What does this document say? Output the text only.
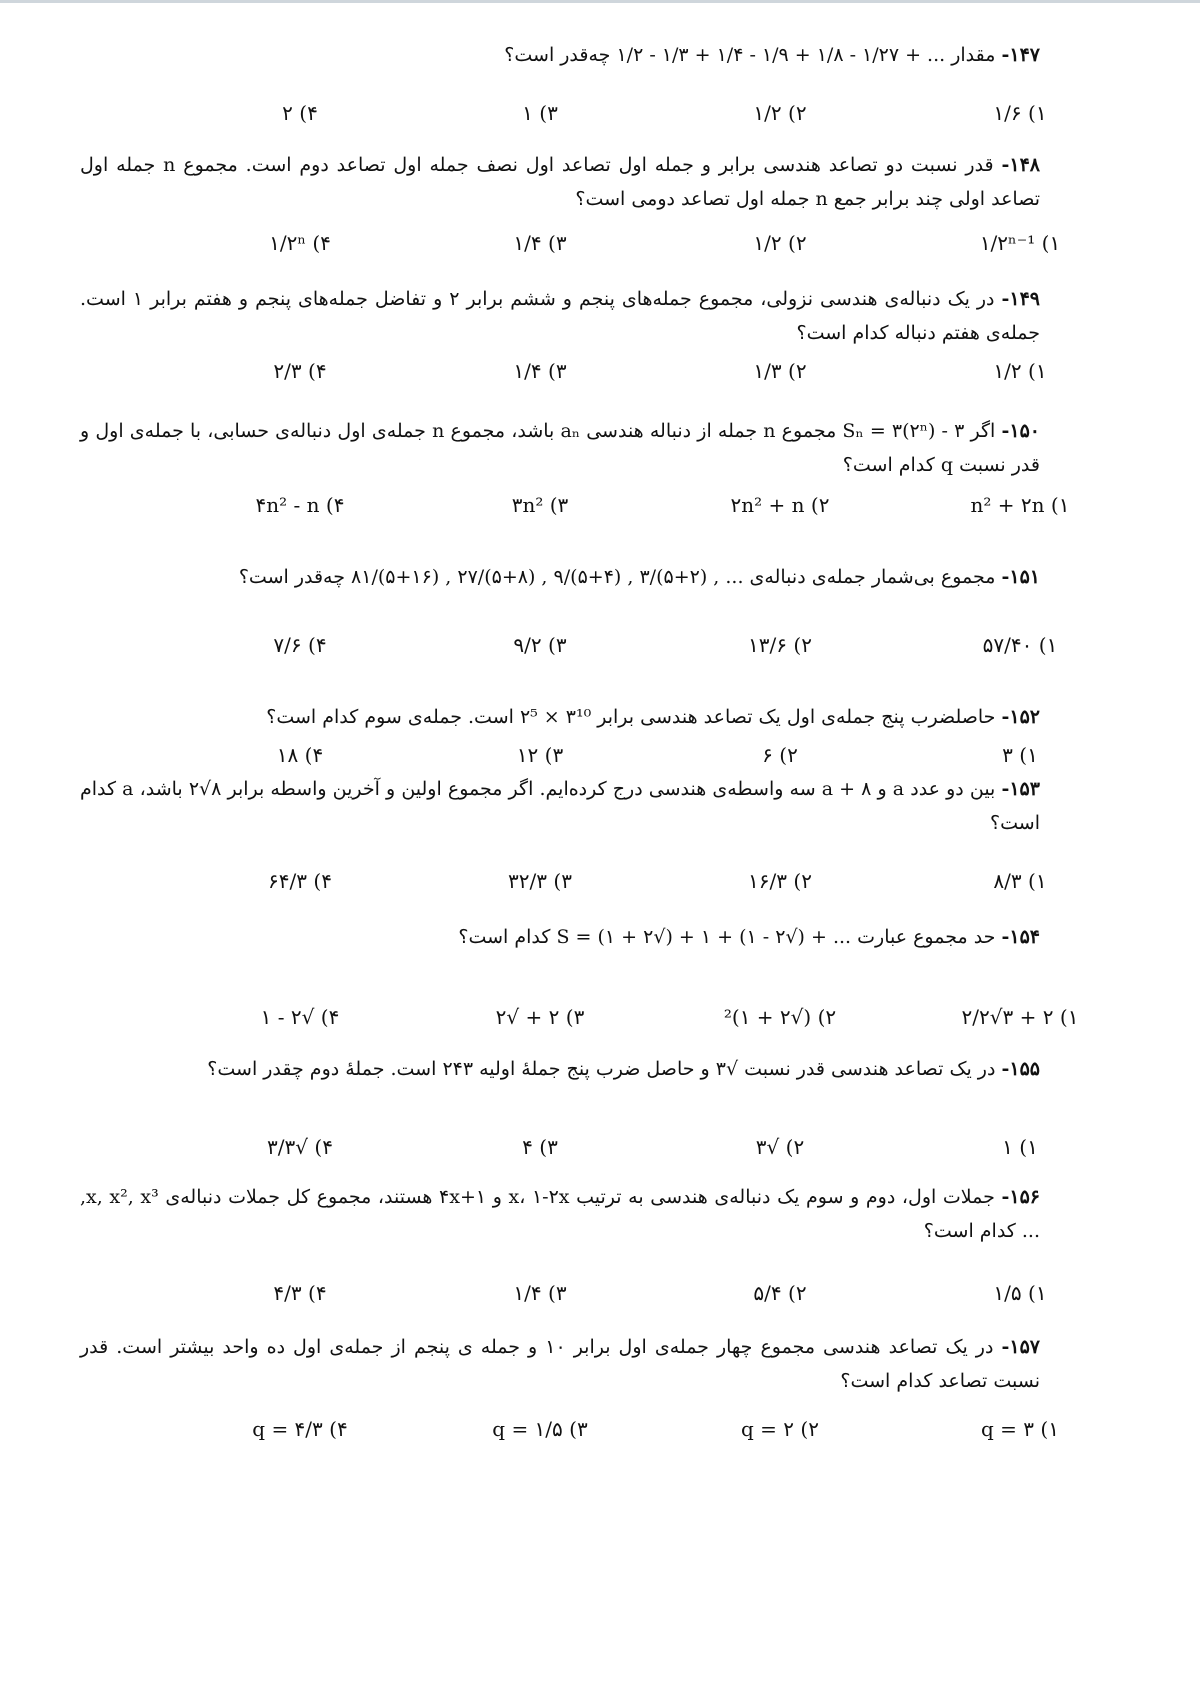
۱۴۷- مقدار ... + ۱/۲۷ - ۱/۸ + ۱/۹ - ۱/۴ + ۱/۳ - ۱/۲ چه‌قدر است؟
۱) ۱/۶
۲) ۱/۲
۳) ۱
۴) ۲
۱۴۸- قدر نسبت دو تصاعد هندسی برابر و جمله اول تصاعد اول نصف جمله اول تصاعد دوم است. مجموع n جمله اول تصاعد اولی چند برابر جمع n جمله اول تصاعد دومی است؟
۱) ۱/۲ⁿ⁻¹
۲) ۱/۲
۳) ۱/۴
۴) ۱/۲ⁿ
۱۴۹- در یک دنباله‌ی هندسی نزولی، مجموع جمله‌های پنجم و ششم برابر ۲ و تفاضل جمله‌های پنجم و هفتم برابر ۱ است. جمله‌ی هفتم دنباله کدام است؟
۱) ۱/۲
۲) ۱/۳
۳) ۱/۴
۴) ۲/۳
۱۵۰- اگر Sₙ = ۳(۲ⁿ) - ۳ مجموع n جمله از دنباله هندسی aₙ باشد، مجموع n جمله‌ی اول دنباله‌ی حسابی، با جمله‌ی اول و قدر نسبت q کدام است؟
۱) n² + ۲n
۲) ۲n² + n
۳) ۳n²
۴) ۴n² - n
۱۵۱- مجموع بی‌شمار جمله‌ی دنباله‌ی ... , (۲+۵)/۳ , (۴+۵)/۹ , (۸+۵)/۲۷ , (۱۶+۵)/۸۱ چه‌قدر است؟
۱) ۵۷/۴۰
۲) ۱۳/۶
۳) ۹/۲
۴) ۷/۶
۱۵۲- حاصلضرب پنج جمله‌ی اول یک تصاعد هندسی برابر ۳¹⁰ × ۲⁵ است. جمله‌ی سوم کدام است؟
۱) ۳
۲) ۶
۳) ۱۲
۴) ۱۸
۱۵۳- بین دو عدد a و a + ۸ سه واسطه‌ی هندسی درج کرده‌ایم. اگر مجموع اولین و آخرین واسطه برابر ۸√۲ باشد، a کدام است؟
۱) ۸/۳
۲) ۱۶/۳
۳) ۳۲/۳
۴) ۶۴/۳
۱۵۴- حد مجموع عبارت ... + (√۲ - ۱) + ۱ + (√۲ + ۱) = S کدام است؟
۱) ۲ + ۳√۲/۲
۲) (√۲ + ۱)²
۳) ۲ + √۲
۴) √۲ - ۱
۱۵۵- در یک تصاعد هندسی قدر نسبت √۳ و حاصل ضرب پنج جملهٔ اولیه ۲۴۳ است. جملهٔ دوم چقدر است؟
۱) ۱
۲) √۳
۳) ۴
۴) √۳/۳
۱۵۶- جملات اول، دوم و سوم یک دنباله‌ی هندسی به ترتیب x، ۱-۲x و ۱+۴x هستند، مجموع کل جملات دنباله‌ی x, x², x³, ... کدام است؟
۱) ۱/۵
۲) ۵/۴
۳) ۱/۴
۴) ۴/۳
۱۵۷- در یک تصاعد هندسی مجموع چهار جمله‌ی اول برابر ۱۰ و جمله ی پنجم از جمله‌ی اول ده واحد بیشتر است. قدر نسبت تصاعد کدام است؟
۱) q = ۳
۲) q = ۲
۳) q = ۱/۵
۴) q = ۴/۳
